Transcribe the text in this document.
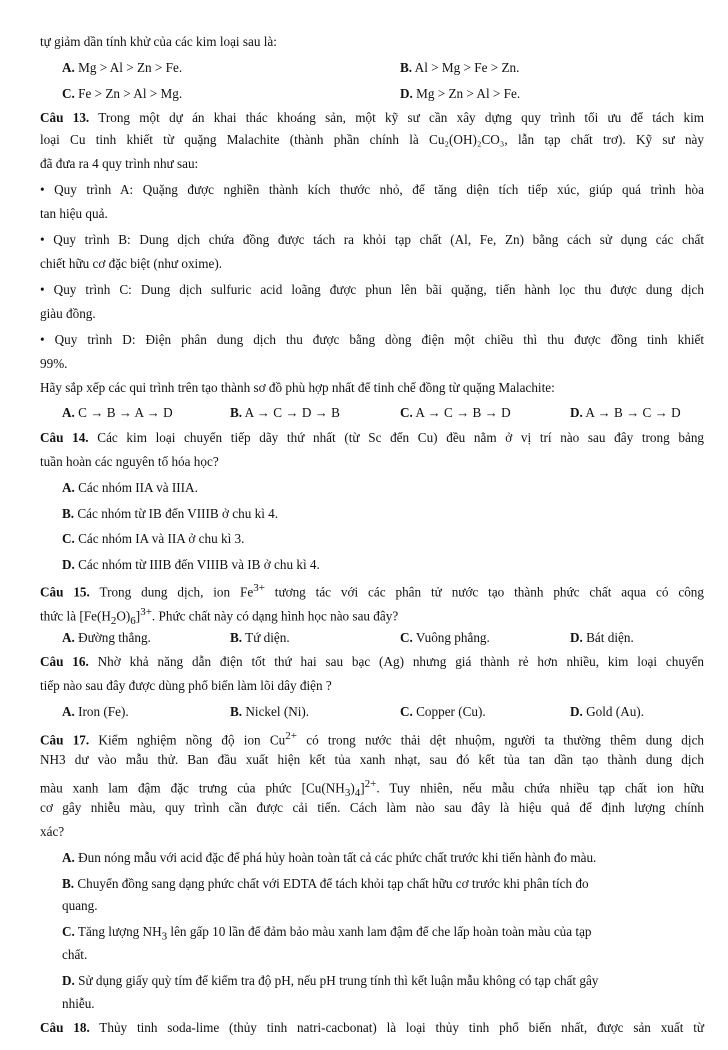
tự giảm dần tính khử của các kim loại sau là:
A. Mg > Al > Zn > Fe.	B. Al > Mg > Fe > Zn.
C. Fe > Zn > Al > Mg.	D. Mg > Zn > Al > Fe.
Câu 13. Trong một dự án khai thác khoáng sản, một kỹ sư cần xây dựng quy trình tối ưu để tách kim
loại Cu tinh khiết từ quặng Malachite (thành phần chính là Cu₂(OH)₂CO₃, lẫn tạp chất trơ). Kỹ sư này
đã đưa ra 4 quy trình như sau:
• Quy trình A: Quặng được nghiền thành kích thước nhỏ, để tăng diện tích tiếp xúc, giúp quá trình hòa
tan hiệu quả.
• Quy trình B: Dung dịch chứa đồng được tách ra khỏi tạp chất (Al, Fe, Zn) bằng cách sử dụng các chất
chiết hữu cơ đặc biệt (như oxime).
• Quy trình C: Dung dịch sulfuric acid loãng được phun lên bãi quặng, tiến hành lọc thu được dung dịch
giàu đồng.
• Quy trình D: Điện phân dung dịch thu được bằng dòng điện một chiều thì thu được đồng tinh khiết
99%.
Hãy sắp xếp các qui trình trên tạo thành sơ đồ phù hợp nhất để tinh chế đồng từ quặng Malachite:
A. C → B → A → D	B. A → C → D → B	C. A → C → B → D	D. A → B → C → D
Câu 14. Các kim loại chuyển tiếp dãy thứ nhất (từ Sc đến Cu) đều nằm ở vị trí nào sau đây trong bảng
tuần hoàn các nguyên tố hóa học?
A. Các nhóm IIA và IIIA.
B. Các nhóm từ IB đến VIIIB ở chu kì 4.
C. Các nhóm IA và IIA ở chu kì 3.
D. Các nhóm từ IIIB đến VIIIB và IB ở chu kì 4.
Câu 15. Trong dung dịch, ion $Fe^{3+}$ tương tác với các phân tử nước tạo thành phức chất aqua có công
thức là $[Fe(H_2O)_6]^{3+}$. Phức chất này có dạng hình học nào sau đây?
A. Đường thẳng.	B. Tứ diện.	C. Vuông phẳng.	D. Bát diện.
Câu 16. Nhờ khả năng dẫn điện tốt thứ hai sau bạc (Ag) nhưng giá thành rẻ hơn nhiều, kim loại chuyển
tiếp nào sau đây được dùng phổ biến làm lõi dây điện ?
A. Iron (Fe).	B. Nickel (Ni).	C. Copper (Cu).	D. Gold (Au).
Câu 17. Kiểm nghiệm nồng độ ion $Cu^{2+}$ có trong nước thải dệt nhuộm, người ta thường thêm dung dịch
NH3 dư vào mẫu thử. Ban đầu xuất hiện kết tủa xanh nhạt, sau đó kết tủa tan dần tạo thành dung dịch
màu xanh lam đậm đặc trưng của phức $[Cu(NH_3)_4]^{2+}$. Tuy nhiên, nếu mẫu chứa nhiều tạp chất ion hữu
cơ gây nhiễu màu, quy trình cần được cải tiến. Cách làm nào sau đây là hiệu quả để định lượng chính
xác?
A. Đun nóng mẫu với acid đặc để phá hủy hoàn toàn tất cả các phức chất trước khi tiến hành đo màu.
B. Chuyển đồng sang dạng phức chất với EDTA để tách khỏi tạp chất hữu cơ trước khi phân tích đo
quang.
C. Tăng lượng $NH_3$ lên gấp 10 lần để đảm bảo màu xanh lam đậm để che lấp hoàn toàn màu của tạp
chất.
D. Sử dụng giấy quỳ tím để kiểm tra độ pH, nếu pH trung tính thì kết luận mẫu không có tạp chất gây
nhiễu.
Câu 18. Thủy tinh soda-lime (thủy tinh natri-cacbonat) là loại thủy tinh phổ biến nhất, được sản xuất từ
